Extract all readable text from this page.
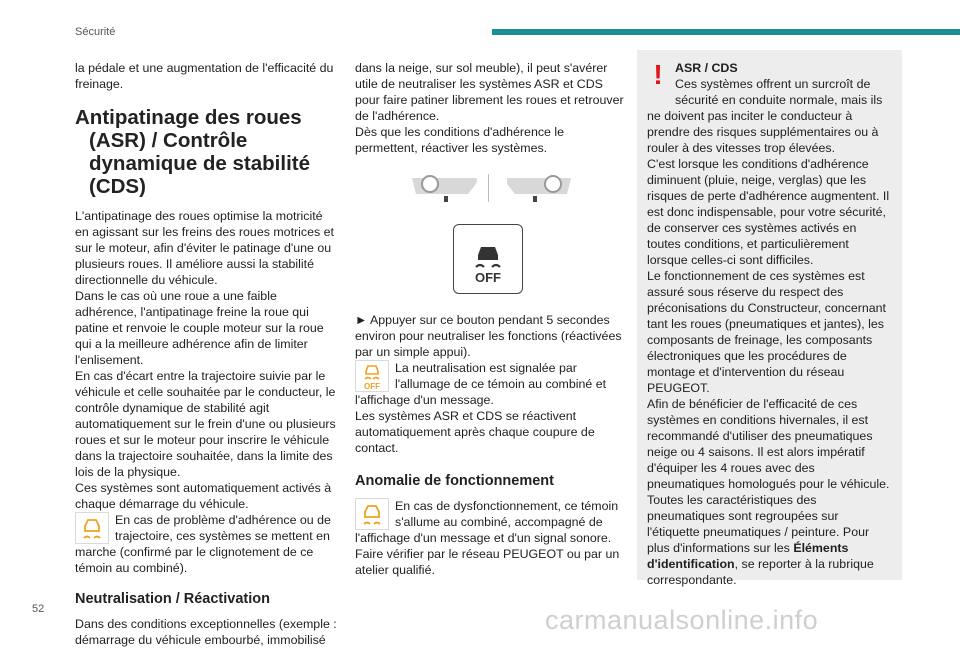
Sécurité

la pédale et une augmentation de l'efficacité du freinage.

Antipatinage des roues (ASR) / Contrôle dynamique de stabilité (CDS)

L'antipatinage des roues optimise la motricité en agissant sur les freins des roues motrices et sur le moteur, afin d'éviter le patinage d'une ou plusieurs roues. Il améliore aussi la stabilité directionnelle du véhicule.

Dans le cas où une roue a une faible adhérence, l'antipatinage freine la roue qui patine et renvoie le couple moteur sur la roue qui a la meilleure adhérence afin de limiter l'enlisement.

En cas d'écart entre la trajectoire suivie par le véhicule et celle souhaitée par le conducteur, le contrôle dynamique de stabilité agit automatiquement sur le frein d'une ou plusieurs roues et sur le moteur pour inscrire le véhicule dans la trajectoire souhaitée, dans la limite des lois de la physique.

Ces systèmes sont automatiquement activés à chaque démarrage du véhicule.

En cas de problème d'adhérence ou de trajectoire, ces systèmes se mettent en marche (confirmé par le clignotement de ce témoin au combiné).

Neutralisation / Réactivation

Dans des conditions exceptionnelles (exemple : démarrage du véhicule embourbé, immobilisé

dans la neige, sur sol meuble), il peut s'avérer utile de neutraliser les systèmes ASR et CDS pour faire patiner librement les roues et retrouver de l'adhérence.

Dès que les conditions d'adhérence le permettent, réactiver les systèmes.

OFF

► Appuyer sur ce bouton pendant 5 secondes environ pour neutraliser les fonctions (réactivées par un simple appui).

OFF

La neutralisation est signalée par l'allumage de ce témoin au combiné et l'affichage d'un message.

Les systèmes ASR et CDS se réactivent automatiquement après chaque coupure de contact.

Anomalie de fonctionnement

En cas de dysfonctionnement, ce témoin s'allume au combiné, accompagné de l'affichage d'un message et d'un signal sonore.

Faire vérifier par le réseau PEUGEOT ou par un atelier qualifié.

! ASR / CDS

Ces systèmes offrent un surcroît de sécurité en conduite normale, mais ils ne doivent pas inciter le conducteur à prendre des risques supplémentaires ou à rouler à des vitesses trop élevées.

C'est lorsque les conditions d'adhérence diminuent (pluie, neige, verglas) que les risques de perte d'adhérence augmentent. Il est donc indispensable, pour votre sécurité, de conserver ces systèmes activés en toutes conditions, et particulièrement lorsque celles-ci sont difficiles.

Le fonctionnement de ces systèmes est assuré sous réserve du respect des préconisations du Constructeur, concernant tant les roues (pneumatiques et jantes), les composants de freinage, les composants électroniques que les procédures de montage et d'intervention du réseau PEUGEOT.

Afin de bénéficier de l'efficacité de ces systèmes en conditions hivernales, il est recommandé d'utiliser des pneumatiques neige ou 4 saisons. Il est alors impératif d'équiper les 4 roues avec des pneumatiques homologués pour le véhicule.

Toutes les caractéristiques des pneumatiques sont regroupées sur l'étiquette pneumatiques / peinture. Pour plus d'informations sur les Éléments d'identification, se reporter à la rubrique correspondante.

52	carmanualsonline.info
